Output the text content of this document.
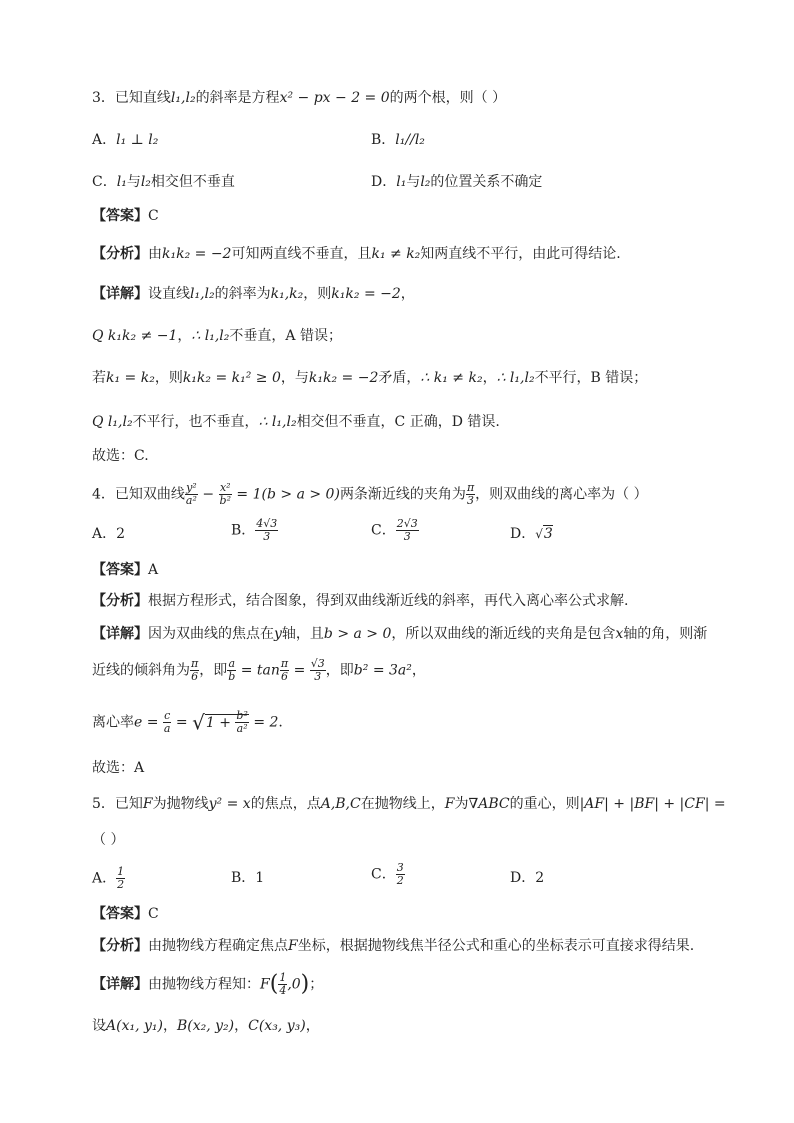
3．已知直线l₁,l₂的斜率是方程x² − px − 2 = 0的两个根，则（ ）
A．l₁ ⊥ l₂	B．l₁//l₂
C．l₁与l₂相交但不垂直	D．l₁与l₂的位置关系不确定
【答案】C
【分析】由k₁k₂ = −2可知两直线不垂直，且k₁ ≠ k₂知两直线不平行，由此可得结论.
【详解】设直线l₁,l₂的斜率为k₁,k₂，则k₁k₂ = −2，
Q k₁k₂ ≠ −1，∴ l₁,l₂不垂直，A 错误；
若k₁ = k₂，则k₁k₂ = k₁² ≥ 0，与k₁k₂ = −2矛盾，∴ k₁ ≠ k₂，∴ l₁,l₂不平行，B 错误；
Q l₁,l₂不平行，也不垂直，∴ l₁,l₂相交但不垂直，C 正确，D 错误.
故选：C.
4．已知双曲线 $\frac{\text{y²}}{\text{a²}} - \frac{\text{x²}}{\text{b²}} = 1(b > a > 0)$两条渐近线的夹角为 $\frac{\pi}{3}$ ，则双曲线的离心率为（ ）
A．2	B． $\frac{4√3}{3}$	C． $\frac{2√3}{3}$	D．√3
【答案】A
【分析】根据方程形式，结合图象，得到双曲线渐近线的斜率，再代入离心率公式求解.
【详解】因为双曲线的焦点在y轴，且b > a > 0，所以双曲线的渐近线的夹角是包含x轴的角，则渐
近线的倾斜角为 $\frac{\pi}{6}$ ，即 $\frac{a}{b} = \tan \frac{\pi}{6} = \frac{√3}{3}$ ，即b² = 3a²，
离心率$e = \frac{c}{a} = √1 + \frac{\text{b²}}{\text{a²}} = 2$.
故选：A
5．已知F为抛物线y² = x的焦点，点A,B,C在抛物线上，F为∇ABC的重心，则|AF| + |BF| + |CF| =
（ ）
A． $\frac{1}{2}$	B．1	C． $\frac{3}{2}$	D．2
【答案】C
【分析】由抛物线方程确定焦点F坐标，根据抛物线焦半径公式和重心的坐标表示可直接求得结果.
【详解】由抛物线方程知：$F( \frac{1}{4} ,0)$；
设A(x₁, y₁)，B(x₂, y₂)，C(x₃, y₃)，
